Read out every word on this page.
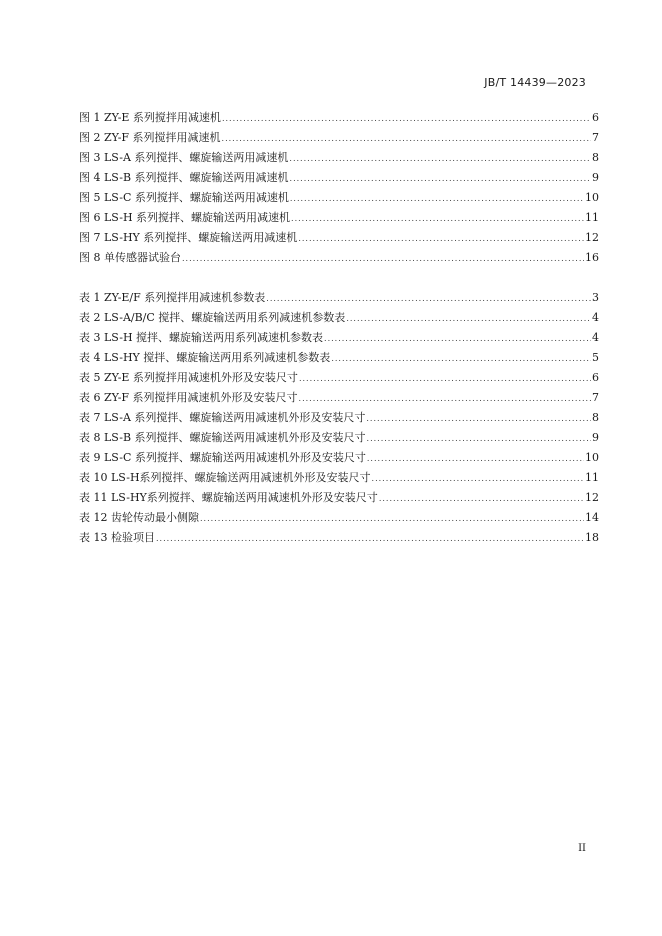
JB/T 14439—2023
图 1 ZY-E 系列搅拌用减速机 .....	6
图 2 ZY-F 系列搅拌用减速机 .....	7
图 3 LS-A 系列搅拌、螺旋输送两用减速机 .....	8
图 4 LS-B 系列搅拌、螺旋输送两用减速机 .....	9
图 5 LS-C 系列搅拌、螺旋输送两用减速机 .....	10
图 6 LS-H 系列搅拌、螺旋输送两用减速机 .....	11
图 7 LS-HY 系列搅拌、螺旋输送两用减速机 .....	12
图 8 单传感器试验台 .....	16
表 1 ZY-E/F 系列搅拌用减速机参数表 .....	3
表 2 LS-A/B/C 搅拌、螺旋输送两用系列减速机参数表 .....	4
表 3 LS-H 搅拌、螺旋输送两用系列减速机参数表 .....	4
表 4 LS-HY 搅拌、螺旋输送两用系列减速机参数表 .....	5
表 5 ZY-E 系列搅拌用减速机外形及安装尺寸 .....	6
表 6 ZY-F 系列搅拌用减速机外形及安装尺寸 .....	7
表 7 LS-A 系列搅拌、螺旋输送两用减速机外形及安装尺寸 .....	8
表 8 LS-B 系列搅拌、螺旋输送两用减速机外形及安装尺寸 .....	9
表 9 LS-C 系列搅拌、螺旋输送两用减速机外形及安装尺寸 .....	10
表 10 LS-H系列搅拌、螺旋输送两用减速机外形及安装尺寸 .....	11
表 11 LS-HY系列搅拌、螺旋输送两用减速机外形及安装尺寸 .....	12
表 12 齿轮传动最小侧隙 .....	14
表 13 检验项目 .....	18
II
